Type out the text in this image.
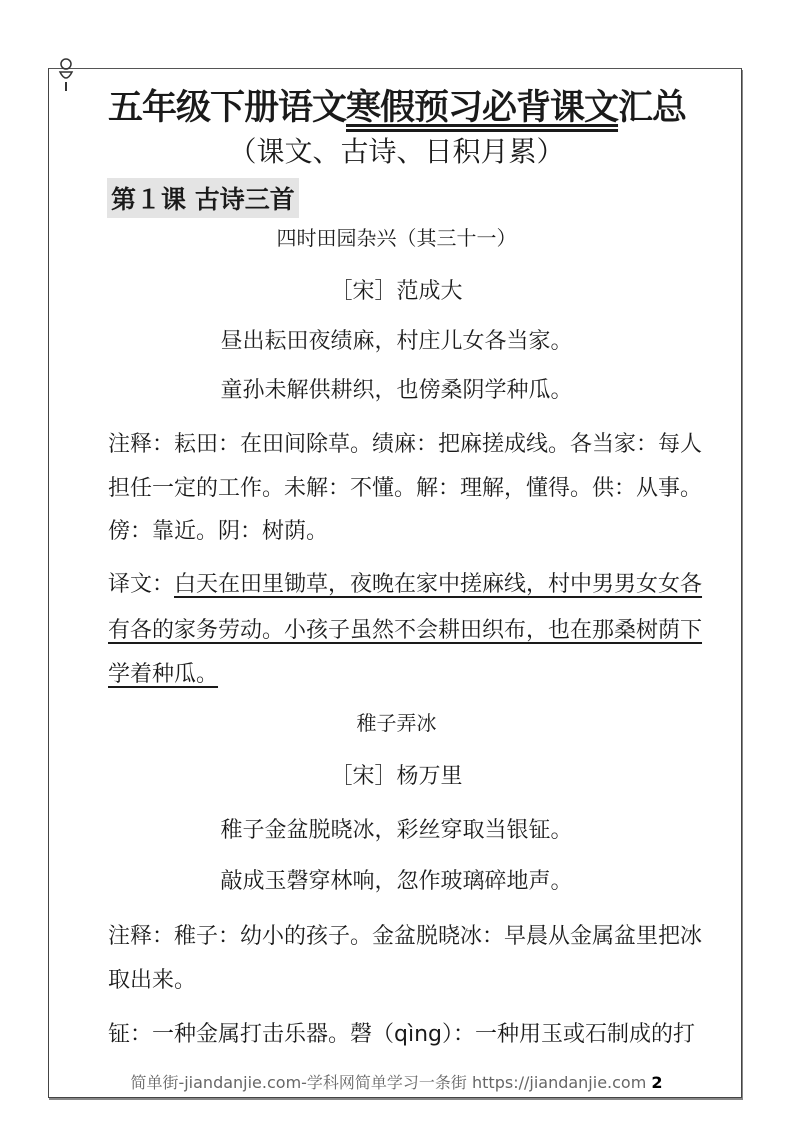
五年级下册语文寒假预习必背课文汇总
（课文、古诗、日积月累）
第１课 古诗三首
四时田园杂兴（其三十一）
［宋］范成大
昼出耘田夜绩麻，村庄儿女各当家。
童孙未解供耕织，也傍桑阴学种瓜。
注释：耘田：在田间除草。绩麻：把麻搓成线。各当家：每人
担任一定的工作。未解：不懂。解：理解，懂得。供：从事。
傍：靠近。阴：树荫。
译文：白天在田里锄草，夜晚在家中搓麻线，村中男男女女各
有各的家务劳动。小孩子虽然不会耕田织布，也在那桑树荫下
学着种瓜。
稚子弄冰
［宋］杨万里
稚子金盆脱晓冰，彩丝穿取当银钲。
敲成玉磬穿林响，忽作玻璃碎地声。
注释：稚子：幼小的孩子。金盆脱晓冰：早晨从金属盆里把冰
取出来。
钲：一种金属打击乐器。磬（qìng）：一种用玉或石制成的打
简单街-jiandanjie.com-学科网简单学习一条街 https://jiandanjie.com 2
